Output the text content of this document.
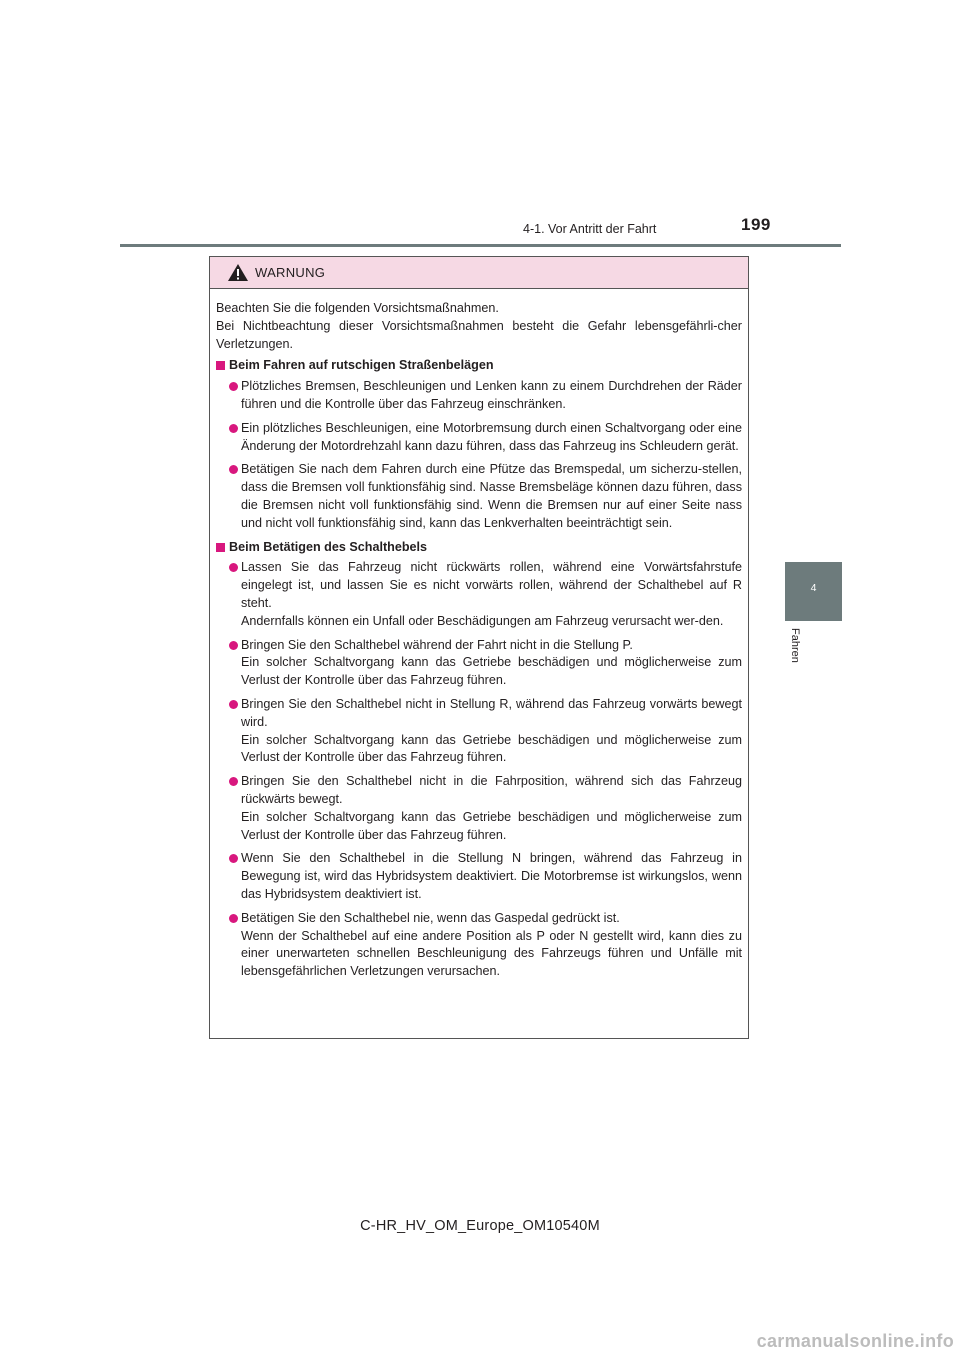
199
4-1. Vor Antritt der Fahrt
4
Fahren
WARNUNG

Beachten Sie die folgenden Vorsichtsmaßnahmen.

Bei Nichtbeachtung dieser Vorsichtsmaßnahmen besteht die Gefahr lebensgefährli-cher Verletzungen.

Beim Fahren auf rutschigen Straßenbelägen

Plötzliches Bremsen, Beschleunigen und Lenken kann zu einem Durchdrehen der Räder führen und die Kontrolle über das Fahrzeug einschränken.

Ein plötzliches Beschleunigen, eine Motorbremsung durch einen Schaltvorgang oder eine Änderung der Motordrehzahl kann dazu führen, dass das Fahrzeug ins Schleudern gerät.

Betätigen Sie nach dem Fahren durch eine Pfütze das Bremspedal, um sicherzu-stellen, dass die Bremsen voll funktionsfähig sind. Nasse Bremsbeläge können dazu führen, dass die Bremsen nicht voll funktionsfähig sind. Wenn die Bremsen nur auf einer Seite nass und nicht voll funktionsfähig sind, kann das Lenkverhalten beeinträchtigt sein.

Beim Betätigen des Schalthebels

Lassen Sie das Fahrzeug nicht rückwärts rollen, während eine Vorwärtsfahrstufe eingelegt ist, und lassen Sie es nicht vorwärts rollen, während der Schalthebel auf R steht.

Andernfalls können ein Unfall oder Beschädigungen am Fahrzeug verursacht wer-den.

Bringen Sie den Schalthebel während der Fahrt nicht in die Stellung P.

Ein solcher Schaltvorgang kann das Getriebe beschädigen und möglicherweise zum Verlust der Kontrolle über das Fahrzeug führen.

Bringen Sie den Schalthebel nicht in Stellung R, während das Fahrzeug vorwärts bewegt wird.

Ein solcher Schaltvorgang kann das Getriebe beschädigen und möglicherweise zum Verlust der Kontrolle über das Fahrzeug führen.

Bringen Sie den Schalthebel nicht in die Fahrposition, während sich das Fahrzeug rückwärts bewegt.

Ein solcher Schaltvorgang kann das Getriebe beschädigen und möglicherweise zum Verlust der Kontrolle über das Fahrzeug führen.

Wenn Sie den Schalthebel in die Stellung N bringen, während das Fahrzeug in Bewegung ist, wird das Hybridsystem deaktiviert. Die Motorbremse ist wirkungslos, wenn das Hybridsystem deaktiviert ist.

Betätigen Sie den Schalthebel nie, wenn das Gaspedal gedrückt ist.

Wenn der Schalthebel auf eine andere Position als P oder N gestellt wird, kann dies zu einer unerwarteten schnellen Beschleunigung des Fahrzeugs führen und Unfälle mit lebensgefährlichen Verletzungen verursachen.

C-HR_HV_OM_Europe_OM10540M
carmanualsonline.info
